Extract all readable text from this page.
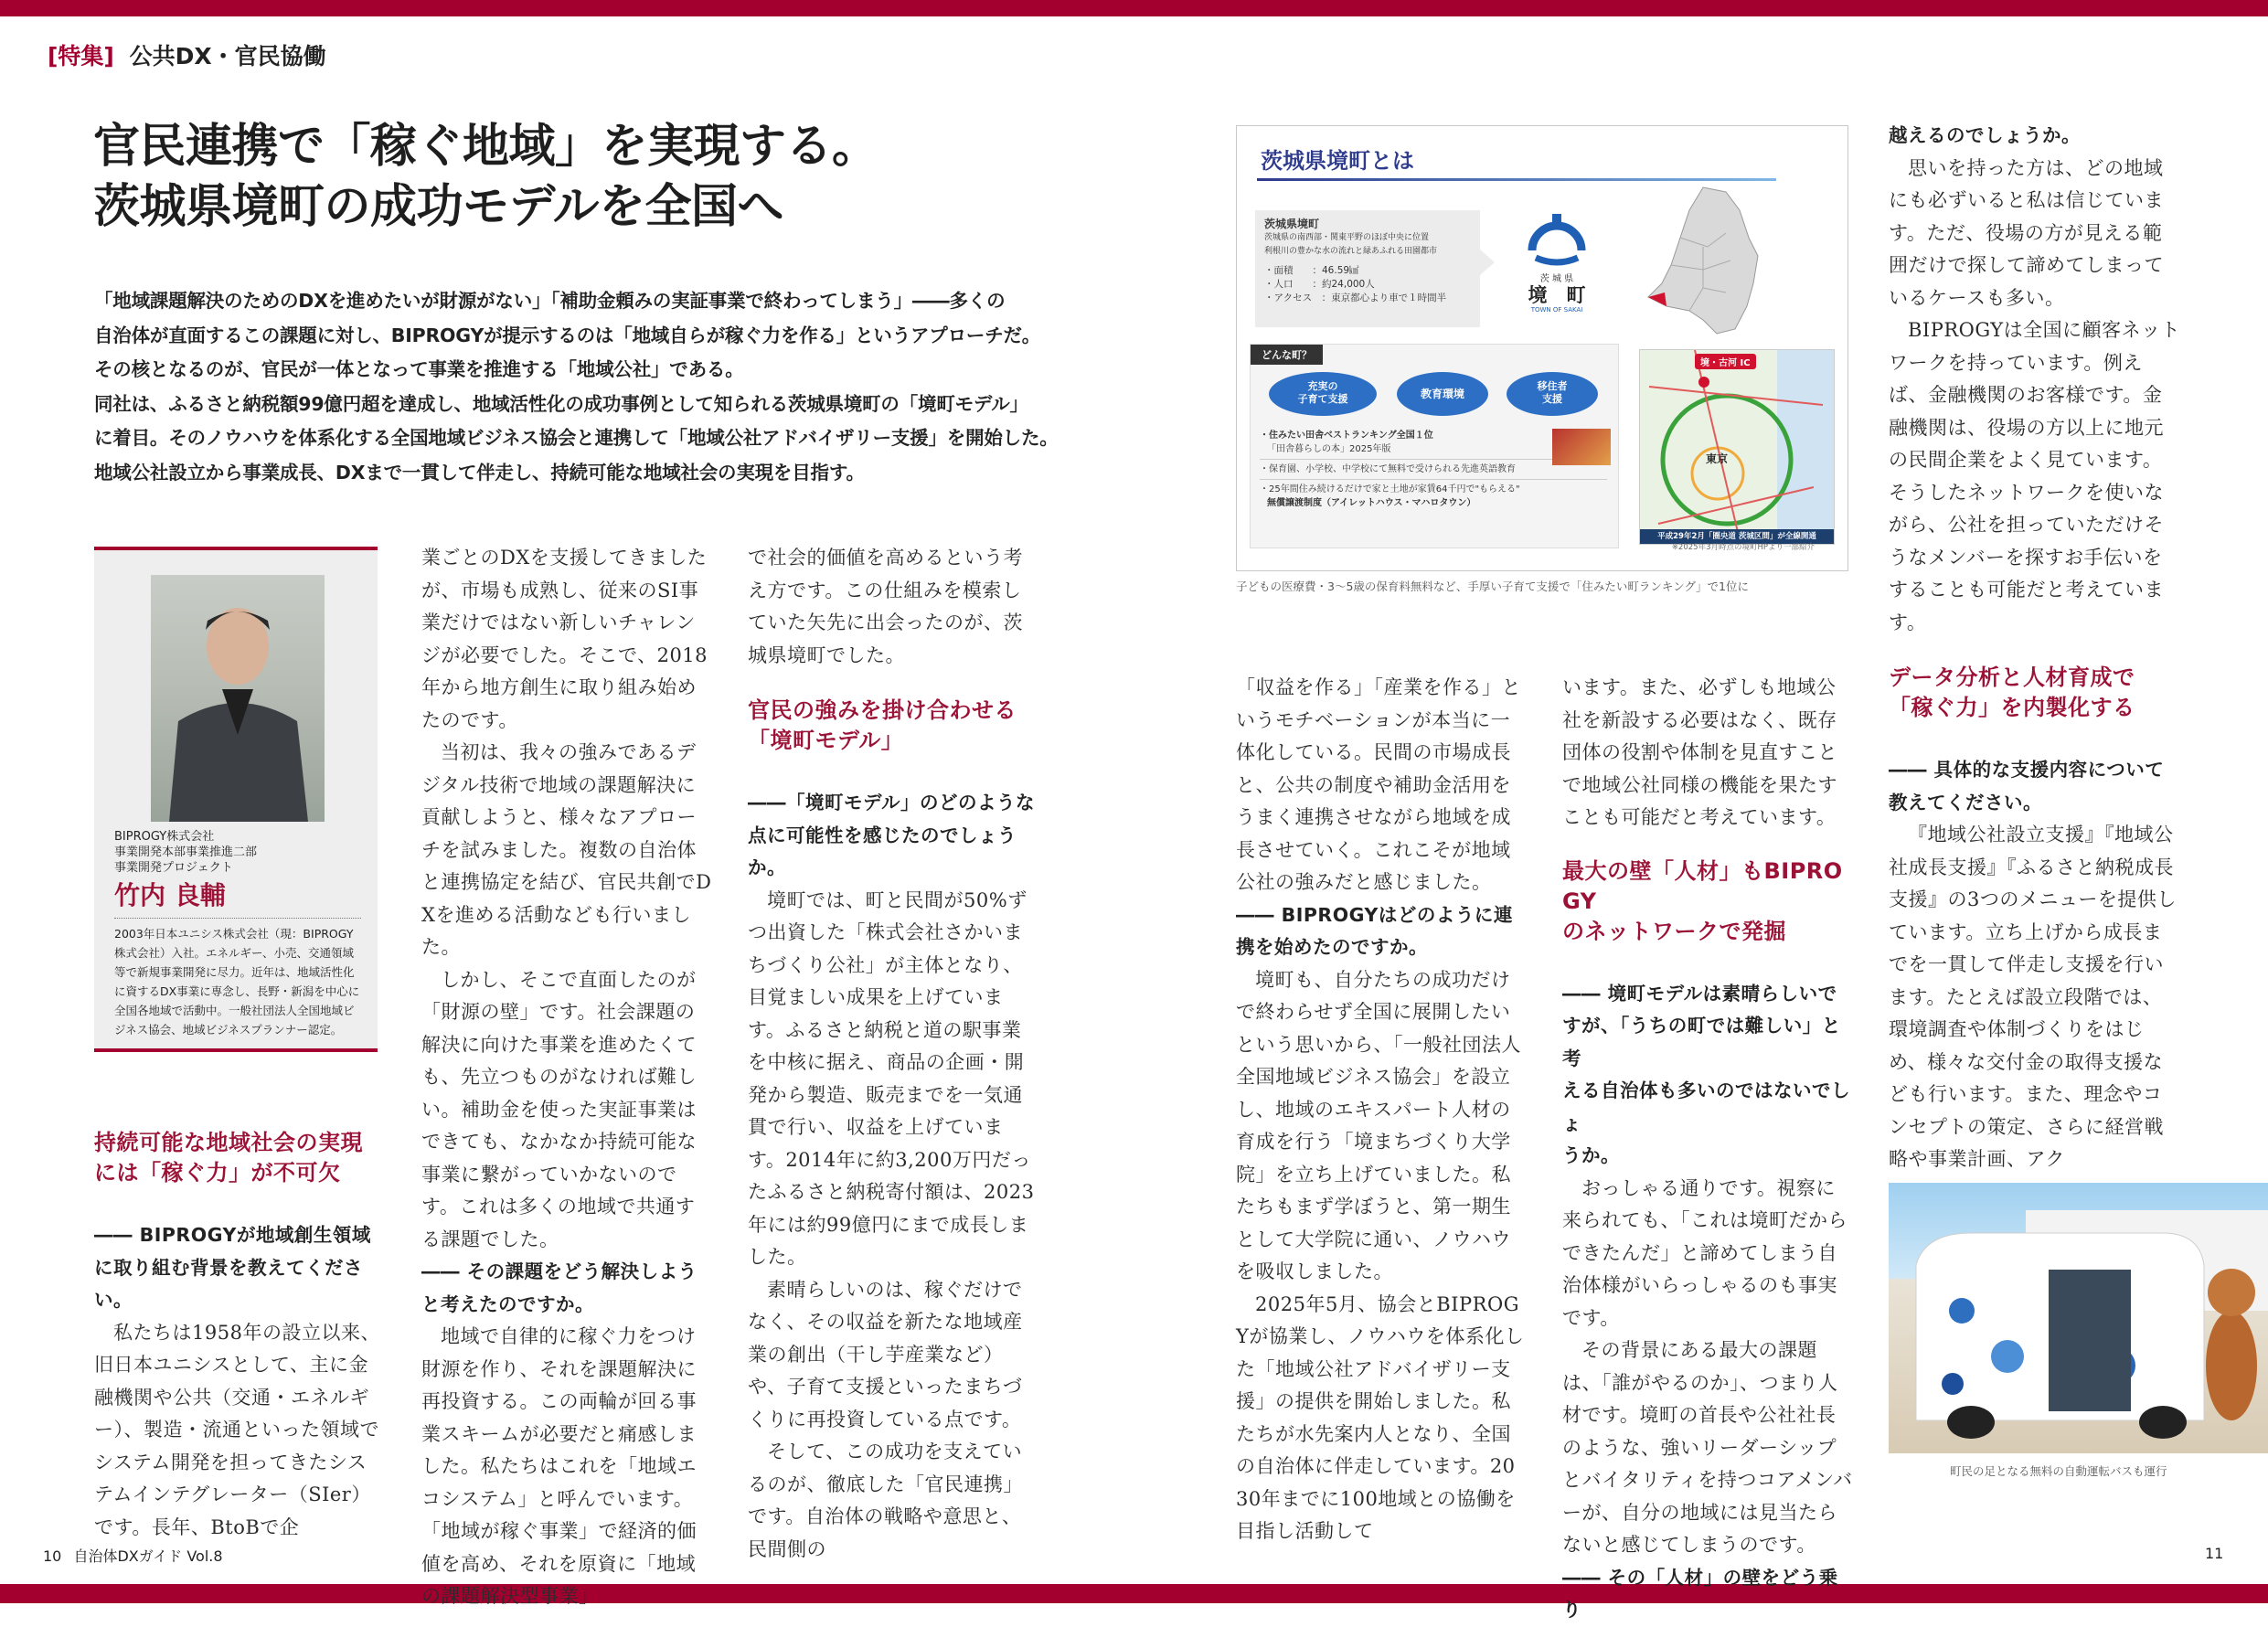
[特集] 公共DX・官民協働
官民連携で「稼ぐ地域」を実現する。
茨城県境町の成功モデルを全国へ
「地域課題解決のためのDXを進めたいが財源がない」「補助金頼みの実証事業で終わってしまう」――多くの
自治体が直面するこの課題に対し、BIPROGYが提示するのは「地域自らが稼ぐ力を作る」というアプローチだ。
その核となるのが、官民が一体となって事業を推進する「地域公社」である。
同社は、ふるさと納税額99億円超を達成し、地域活性化の成功事例として知られる茨城県境町の「境町モデル」
に着目。そのノウハウを体系化する全国地域ビジネス協会と連携して「地域公社アドバイザリー支援」を開始した。
地域公社設立から事業成長、DXまで一貫して伴走し、持続可能な地域社会の実現を目指す。
BIPROGY株式会社
事業開発本部事業推進二部
事業開発プロジェクト
竹内 良輔
2003年日本ユニシス株式会社（現：BIPROGY株式会社）入社。エネルギー、小売、交通領域等で新規事業開発に尽力。近年は、地域活性化に資するDX事業に専念し、長野・新潟を中心に全国各地域で活動中。一般社団法人全国地域ビジネス協会、地域ビジネスプランナー認定。

持続可能な地域社会の実現
には「稼ぐ力」が不可欠

―― BIPROGYが地域創生領域
に取り組む背景を教えてください。

私たちは1958年の設立以来、旧日本ユニシスとして、主に金融機関や公共（交通・エネルギー）、製造・流通といった領域でシステム開発を担ってきたシステムインテグレーター（SIer）です。長年、BtoBで企

業ごとのDXを支援してきましたが、市場も成熟し、従来のSI事業だけではない新しいチャレンジが必要でした。そこで、2018年から地方創生に取り組み始めたのです。

当初は、我々の強みであるデジタル技術で地域の課題解決に貢献しようと、様々なアプローチを試みました。複数の自治体と連携協定を結び、官民共創でDXを進める活動なども行いました。

しかし、そこで直面したのが「財源の壁」です。社会課題の解決に向けた事業を進めたくても、先立つものがなければ難しい。補助金を使った実証事業はできても、なかなか持続可能な事業に繋がっていかないのです。これは多くの地域で共通する課題でした。

―― その課題をどう解決しよう
と考えたのですか。

地域で自律的に稼ぐ力をつけ財源を作り、それを課題解決に再投資する。この両輪が回る事業スキームが必要だと痛感しました。私たちはこれを「地域エコシステム」と呼んでいます。「地域が稼ぐ事業」で経済的価値を高め、それを原資に「地域の課題解決型事業」

で社会的価値を高めるという考え方です。この仕組みを模索していた矢先に出会ったのが、茨城県境町でした。

官民の強みを掛け合わせる
「境町モデル」

――「境町モデル」のどのような
点に可能性を感じたのでしょうか。

境町では、町と民間が50%ずつ出資した「株式会社さかいまちづくり公社」が主体となり、目覚ましい成果を上げています。ふるさと納税と道の駅事業を中核に据え、商品の企画・開発から製造、販売までを一気通貫で行い、収益を上げています。2014年に約3,200万円だったふるさと納税寄付額は、2023年には約99億円にまで成長しました。

素晴らしいのは、稼ぐだけでなく、その収益を新たな地域産業の創出（干し芋産業など）や、子育て支援といったまちづくりに再投資している点です。

そして、この成功を支えているのが、徹底した「官民連携」です。自治体の戦略や意思と、民間側の

茨城県境町とは
茨城県境町
茨城県の南西部・関東平野のほぼ中央に位置
利根川の豊かな水の流れと緑あふれる田園都市
・面積　　：46.59㎢
・人口　　：約24,000人
・アクセス　：東京都心より車で１時間半
茨 城 県
境　町
TOWN OF SAKAI
どんな町？
充実の
子育て支援	教育環境
移住者
支援
・住みたい田舎ベストランキング全国１位
「田舎暮らしの本」2025年版
・保育園、小学校、中学校にて無料で受けられる先進英語教育
・25年間住み続けるだけで家と土地が家賃64千円で"もらえる"
無償譲渡制度（アイレットハウス・マハロタウン）
境・古河 IC
東京
平成29年2月「圏央道 茨城区間」が全線開通
※2025年3月時点の境町HPより一部紹介
子どもの医療費・3～5歳の保育料無料など、手厚い子育て支援で「住みたい町ランキング」で1位に

「収益を作る」「産業を作る」というモチベーションが本当に一体化している。民間の市場成長と、公共の制度や補助金活用をうまく連携させながら地域を成長させていく。これこそが地域公社の強みだと感じました。

―― BIPROGYはどのように連
携を始めたのですか。

境町も、自分たちの成功だけで終わらせず全国に展開したいという思いから、「一般社団法人全国地域ビジネス協会」を設立し、地域のエキスパート人材の育成を行う「境まちづくり大学院」を立ち上げていました。私たちもまず学ぼうと、第一期生として大学院に通い、ノウハウを吸収しました。

2025年5月、協会とBIPROGYが協業し、ノウハウを体系化した「地域公社アドバイザリー支援」の提供を開始しました。私たちが水先案内人となり、全国の自治体に伴走しています。2030年までに100地域との協働を目指し活動して

います。また、必ずしも地域公社を新設する必要はなく、既存団体の役割や体制を見直すことで地域公社同様の機能を果たすことも可能だと考えています。

最大の壁「人材」もBIPROGY
のネットワークで発掘

―― 境町モデルは素晴らしいで
すが、「うちの町では難しい」と考
える自治体も多いのではないでしょ
うか。

おっしゃる通りです。視察に来られても、「これは境町だからできたんだ」と諦めてしまう自治体様がいらっしゃるのも事実です。

その背景にある最大の課題は、「誰がやるのか」、つまり人材です。境町の首長や公社社長のような、強いリーダーシップとバイタリティを持つコアメンバーが、自分の地域には見当たらないと感じてしまうのです。

―― その「人材」の壁をどう乗り

越えるのでしょうか。

思いを持った方は、どの地域にも必ずいると私は信じています。ただ、役場の方が見える範囲だけで探して諦めてしまっているケースも多い。

BIPROGYは全国に顧客ネットワークを持っています。例えば、金融機関のお客様です。金融機関は、役場の方以上に地元の民間企業をよく見ています。そうしたネットワークを使いながら、公社を担っていただけそうなメンバーを探すお手伝いをすることも可能だと考えています。

データ分析と人材育成で
「稼ぐ力」を内製化する

―― 具体的な支援内容について
教えてください。

『地域公社設立支援』『地域公社成長支援』『ふるさと納税成長支援』の3つのメニューを提供しています。立ち上げから成長までを一貫して伴走し支援を行います。たとえば設立段階では、環境調査や体制づくりをはじめ、様々な交付金の取得支援なども行います。また、理念やコンセプトの策定、さらに経営戦略や事業計画、アク

町民の足となる無料の自動運転バスも運行
10 自治体DXガイド Vol.8	11
